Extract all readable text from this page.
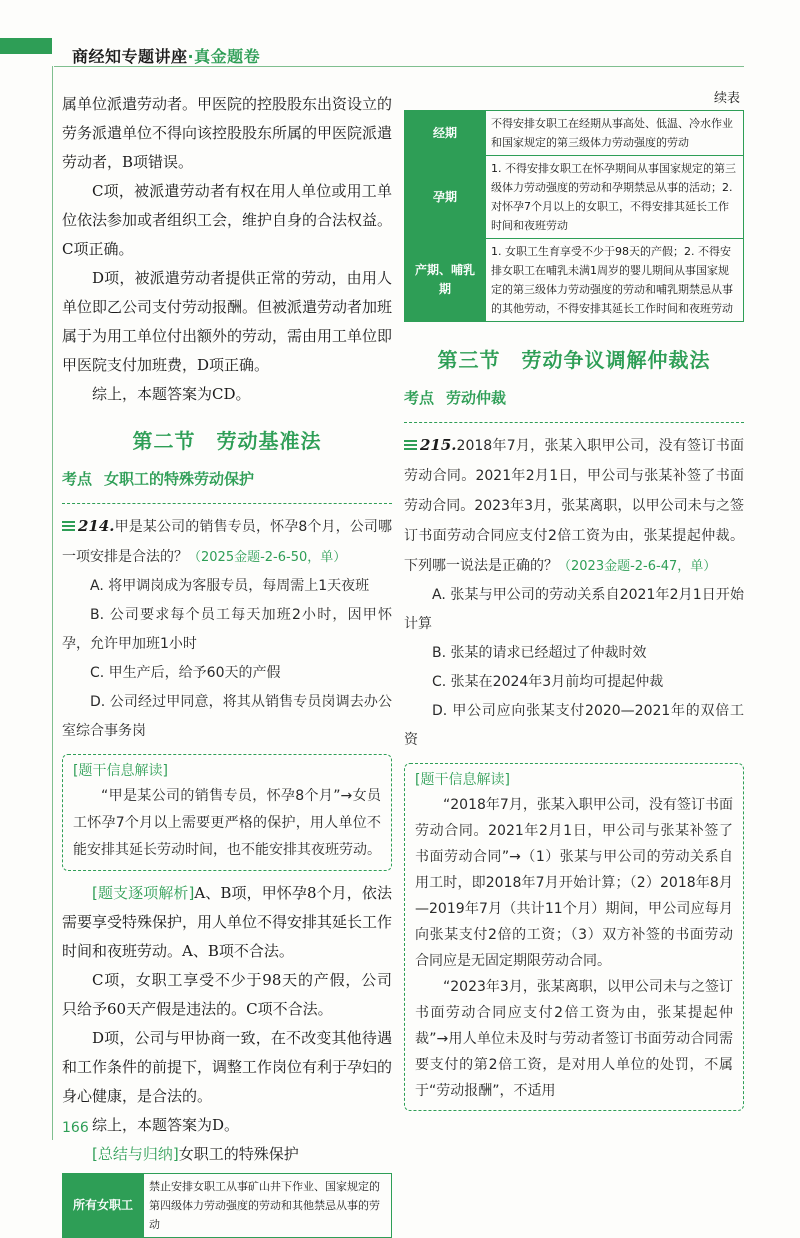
商经知专题讲座·真金题卷

属单位派遣劳动者。甲医院的控股股东出资设立的劳务派遣单位不得向该控股股东所属的甲医院派遣劳动者，B项错误。

C项，被派遣劳动者有权在用人单位或用工单位依法参加或者组织工会，维护自身的合法权益。C项正确。

D项，被派遣劳动者提供正常的劳动，由用人单位即乙公司支付劳动报酬。但被派遣劳动者加班属于为用工单位付出额外的劳动，需由用工单位即甲医院支付加班费，D项正确。

综上，本题答案为CD。

第二节　劳动基准法
考点 女职工的特殊劳动保护

214.甲是某公司的销售专员，怀孕8个月，公司哪一项安排是合法的？（2025金题-2-6-50，单）

A. 将甲调岗成为客服专员，每周需上1天夜班

B. 公司要求每个员工每天加班2小时，因甲怀孕，允许甲加班1小时

C. 甲生产后，给予60天的产假

D. 公司经过甲同意，将其从销售专员岗调去办公室综合事务岗

[题干信息解读]

“甲是某公司的销售专员，怀孕8个月”→女员工怀孕7个月以上需要更严格的保护，用人单位不能安排其延长劳动时间，也不能安排其夜班劳动。

[题支逐项解析]A、B项，甲怀孕8个月，依法需要享受特殊保护，用人单位不得安排其延长工作时间和夜班劳动。A、B项不合法。

C项，女职工享受不少于98天的产假，公司只给予60天产假是违法的。C项不合法。

D项，公司与甲协商一致，在不改变其他待遇和工作条件的前提下，调整工作岗位有利于孕妇的身心健康，是合法的。

综上，本题答案为D。

[总结与归纳]女职工的特殊保护

所有女职工	禁止安排女职工从事矿山井下作业、国家规定的第四级体力劳动强度的劳动和其他禁忌从事的劳动
续表
经期	不得安排女职工在经期从事高处、低温、冷水作业和国家规定的第三级体力劳动强度的劳动
孕期	1. 不得安排女职工在怀孕期间从事国家规定的第三级体力劳动强度的劳动和孕期禁忌从事的活动；2. 对怀孕7个月以上的女职工，不得安排其延长工作时间和夜班劳动
产期、哺乳期	1. 女职工生育享受不少于98天的产假；2. 不得安排女职工在哺乳未满1周岁的婴儿期间从事国家规定的第三级体力劳动强度的劳动和哺乳期禁忌从事的其他劳动，不得安排其延长工作时间和夜班劳动
第三节　劳动争议调解仲裁法
考点 劳动仲裁

215.2018年7月，张某入职甲公司，没有签订书面劳动合同。2021年2月1日，甲公司与张某补签了书面劳动合同。2023年3月，张某离职，以甲公司未与之签订书面劳动合同应支付2倍工资为由，张某提起仲裁。下列哪一说法是正确的？（2023金题-2-6-47，单）

A. 张某与甲公司的劳动关系自2021年2月1日开始计算

B. 张某的请求已经超过了仲裁时效

C. 张某在2024年3月前均可提起仲裁

D. 甲公司应向张某支付2020—2021年的双倍工资

[题干信息解读]

“2018年7月，张某入职甲公司，没有签订书面劳动合同。2021年2月1日，甲公司与张某补签了书面劳动合同”→（1）张某与甲公司的劳动关系自用工时，即2018年7月开始计算；（2）2018年8月—2019年7月（共计11个月）期间，甲公司应每月向张某支付2倍的工资；（3）双方补签的书面劳动合同应是无固定期限劳动合同。

“2023年3月，张某离职，以甲公司未与之签订书面劳动合同应支付2倍工资为由，张某提起仲裁”→用人单位未及时与劳动者签订书面劳动合同需要支付的第2倍工资，是对用人单位的处罚，不属于“劳动报酬”，不适用

166
